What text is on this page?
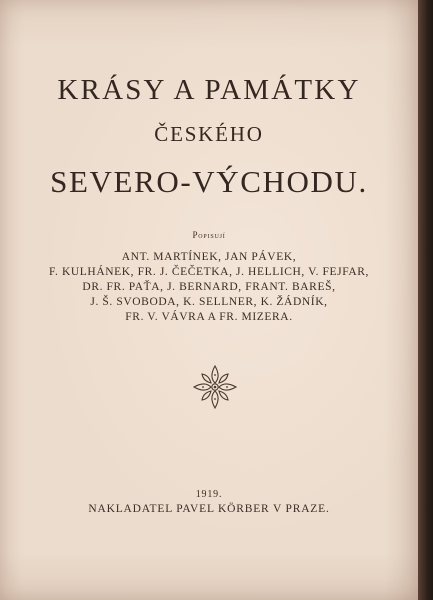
KRÁSY A PAMÁTKY
ČESKÉHO
SEVERO-VÝCHODU.
Popisují
ANT. MARTÍNEK, JAN PÁVEK,
F. KULHÁNEK, FR. J. ČEČETKA, J. HELLICH, V. FEJFAR,
DR. FR. PAŤA, J. BERNARD, FRANT. BAREŠ,
J. Š. SVOBODA, K. SELLNER, K. ŽÁDNÍK,
FR. V. VÁVRA A FR. MIZERA.
1919.
NAKLADATEL PAVEL KÖRBER V PRAZE.
